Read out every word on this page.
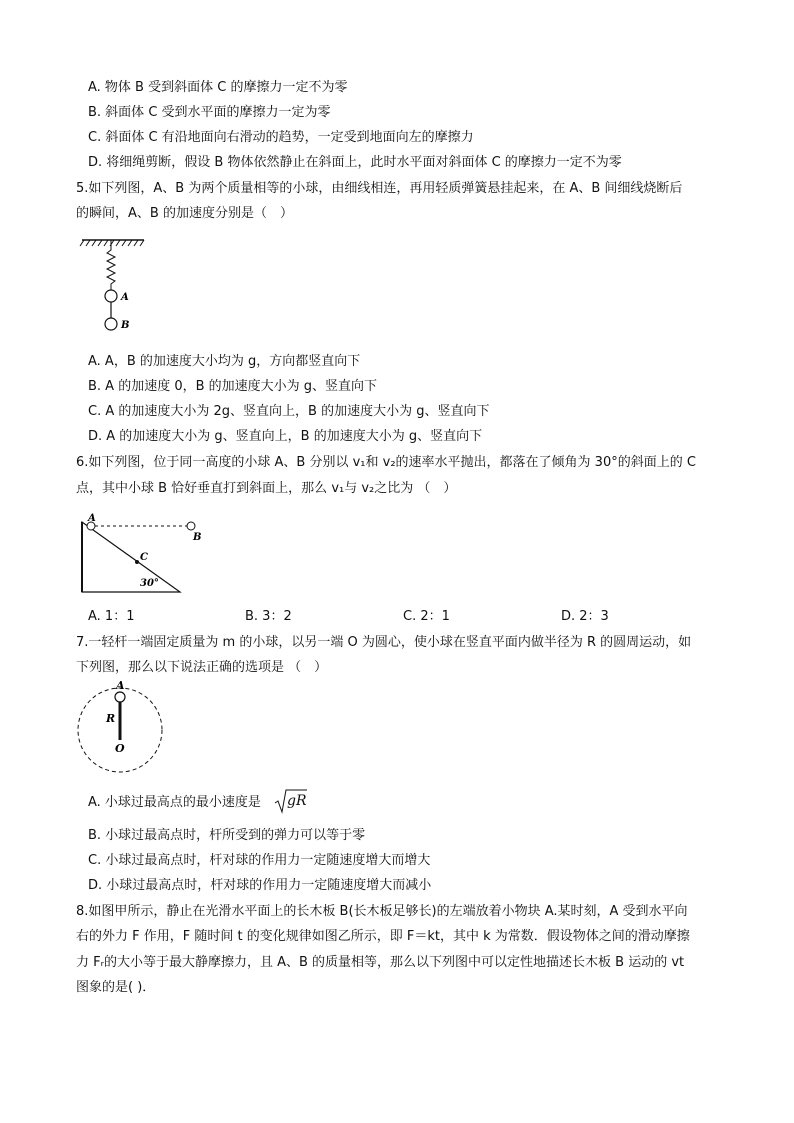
A. 物体 B 受到斜面体 C 的摩擦力一定不为零
B. 斜面体 C 受到水平面的摩擦力一定为零
C. 斜面体 C 有沿地面向右滑动的趋势，一定受到地面向左的摩擦力
D. 将细绳剪断，假设 B 物体依然静止在斜面上，此时水平面对斜面体 C 的摩擦力一定不为零
5.如下列图，A、B 为两个质量相等的小球，由细线相连，再用轻质弹簧悬挂起来，在 A、B 间细线烧断后
的瞬间，A、B 的加速度分别是（　）
A
B
A. A，B 的加速度大小均为 g，方向都竖直向下
B. A 的加速度 0，B 的加速度大小为 g、竖直向下
C. A 的加速度大小为 2g、竖直向上，B 的加速度大小为 g、竖直向下
D. A 的加速度大小为 g、竖直向上，B 的加速度大小为 g、竖直向下
6.如下列图，位于同一高度的小球 A、B 分别以 v₁和 v₂的速率水平抛出，都落在了倾角为 30°的斜面上的 C
点，其中小球 B 恰好垂直打到斜面上，那么 v₁与 v₂之比为 （　）
A
B
C
30°
A. 1：1	B. 3：2	C. 2：1	D. 2：3
7.一轻杆一端固定质量为 m 的小球，以另一端 O 为圆心，使小球在竖直平面内做半径为 R 的圆周运动，如
下列图，那么以下说法正确的选项是 （　）
A
R
O
A. 小球过最高点的最小速度是 gR
B. 小球过最高点时，杆所受到的弹力可以等于零
C. 小球过最高点时，杆对球的作用力一定随速度增大而增大
D. 小球过最高点时，杆对球的作用力一定随速度增大而减小
8.如图甲所示，静止在光滑水平面上的长木板 B(长木板足够长)的左端放着小物块 A.某时刻，A 受到水平向
右的外力 F 作用，F 随时间 t 的变化规律如图乙所示，即 F＝kt，其中 k 为常数．假设物体之间的滑动摩擦
力 Fᵣ的大小等于最大静摩擦力，且 A、B 的质量相等，那么以下列图中可以定性地描述长木板 B 运动的 vt
图象的是( )．
